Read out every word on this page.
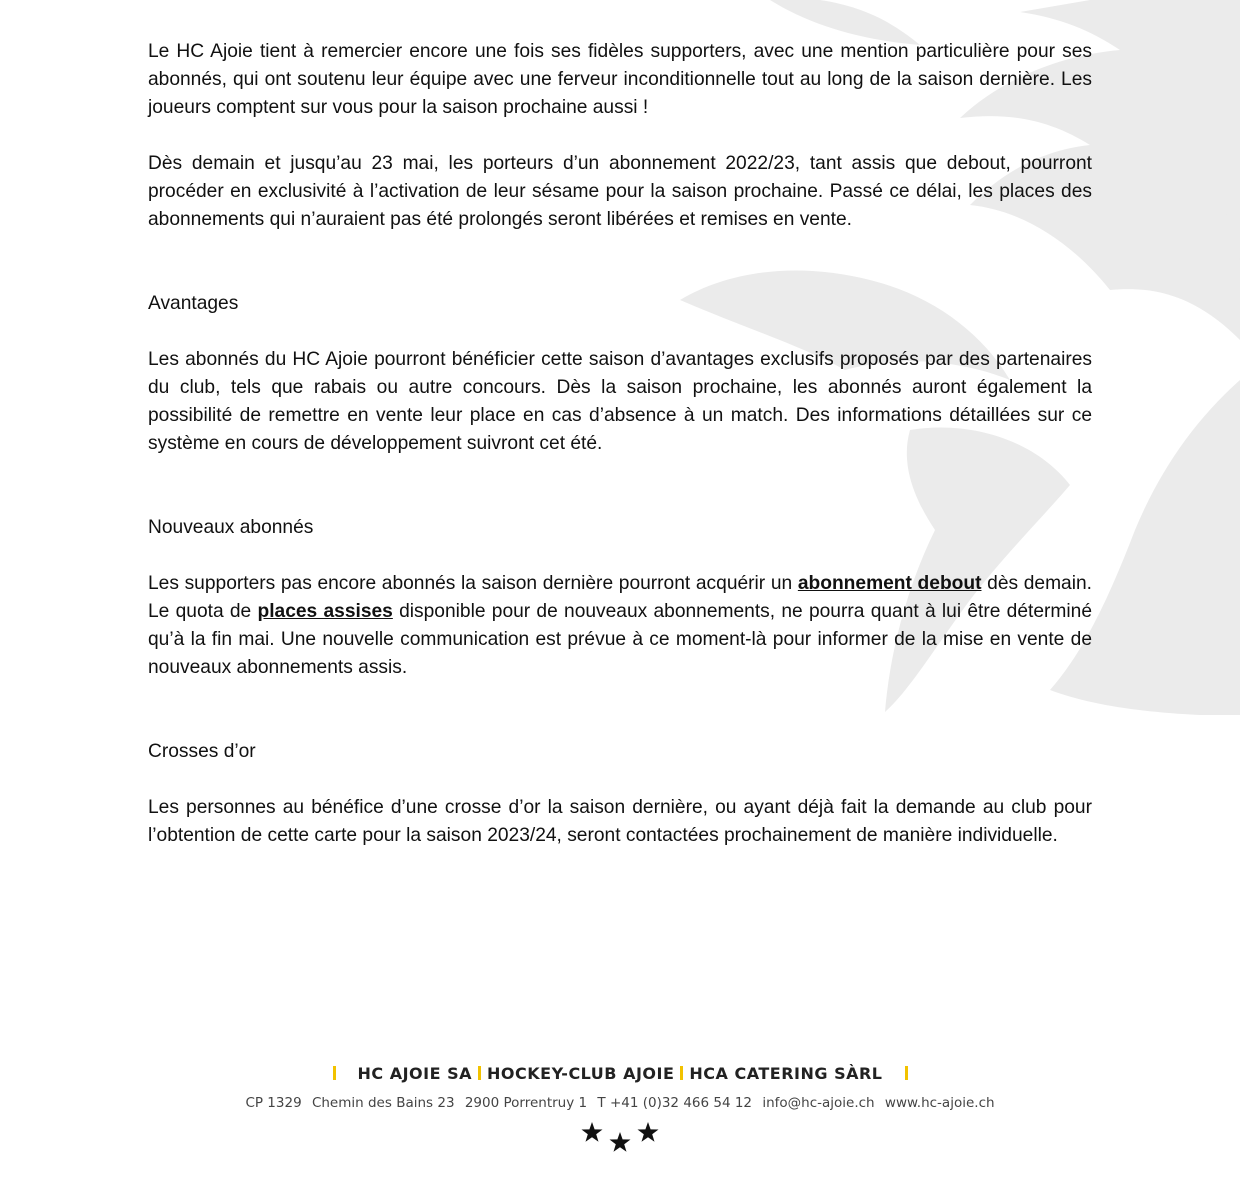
Le HC Ajoie tient à remercier encore une fois ses fidèles supporters, avec une mention particulière pour ses abonnés, qui ont soutenu leur équipe avec une ferveur inconditionnelle tout au long de la saison dernière. Les joueurs comptent sur vous pour la saison prochaine aussi !

Dès demain et jusqu’au 23 mai, les porteurs d’un abonnement 2022/23, tant assis que debout, pourront procéder en exclusivité à l’activation de leur sésame pour la saison prochaine. Passé ce délai, les places des abonnements qui n’auraient pas été prolongés seront libérées et remises en vente.

Avantages

Les abonnés du HC Ajoie pourront bénéficier cette saison d’avantages exclusifs proposés par des partenaires du club, tels que rabais ou autre concours. Dès la saison prochaine, les abonnés auront également la possibilité de remettre en vente leur place en cas d’absence à un match. Des informations détaillées sur ce système en cours de développement suivront cet été.

Nouveaux abonnés

Les supporters pas encore abonnés la saison dernière pourront acquérir un abonnement debout dès demain. Le quota de places assises disponible pour de nouveaux abonnements, ne pourra quant à lui être déterminé qu’à la fin mai. Une nouvelle communication est prévue à ce moment-là pour informer de la mise en vente de nouveaux abonnements assis.

Crosses d’or

Les personnes au bénéfice d’une crosse d’or la saison dernière, ou ayant déjà fait la demande au club pour l’obtention de cette carte pour la saison 2023/24, seront contactées prochainement de manière individuelle.

HC AJOIE SA HOCKEY-CLUB AJOIE HCA CATERING SÀRL
CP 1329 Chemin des Bains 23 2900 Porrentruy 1 T +41 (0)32 466 54 12 info@hc-ajoie.ch www.hc-ajoie.ch
